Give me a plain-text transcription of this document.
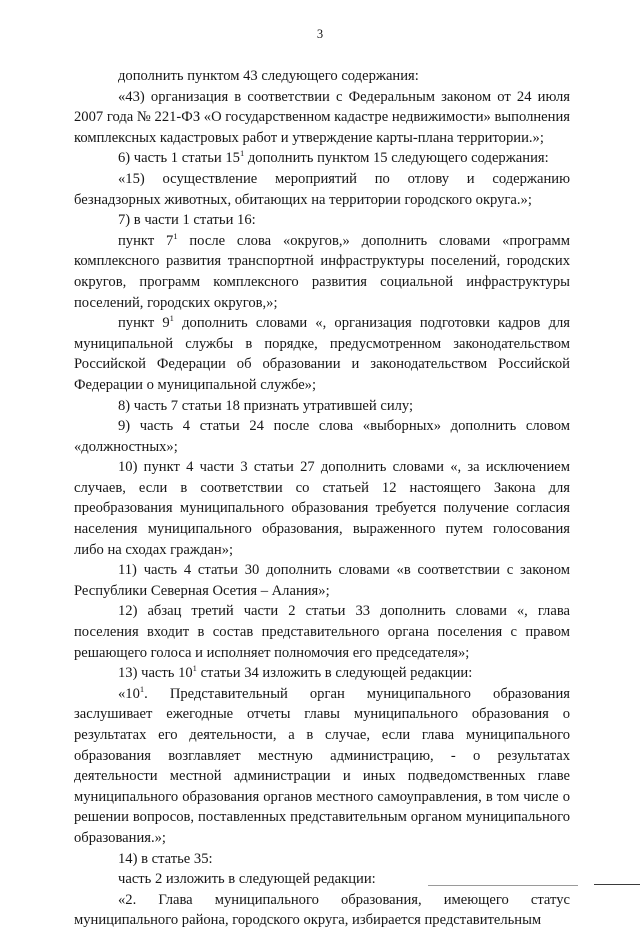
3

дополнить пунктом 43 следующего содержания:

«43) организация в соответствии с Федеральным законом от 24 июля 2007 года № 221-ФЗ «О государственном кадастре недвижимости» выполнения комплексных кадастровых работ и утверждение карты-плана территории.»;

6) часть 1 статьи $15^1$ дополнить пунктом 15 следующего содержания:

«15) осуществление мероприятий по отлову и содержанию безнадзорных животных, обитающих на территории городского округа.»;

7) в части 1 статьи 16:

пункт $7^1$ после слова «округов,» дополнить словами «программ комплексного развития транспортной инфраструктуры поселений, городских округов, программ комплексного развития социальной инфраструктуры поселений, городских округов,»;

пункт $9^1$ дополнить словами «, организация подготовки кадров для муниципальной службы в порядке, предусмотренном законодательством Российской Федерации об образовании и законодательством Российской Федерации о муниципальной службе»;

8) часть 7 статьи 18 признать утратившей силу;

9) часть 4 статьи 24 после слова «выборных» дополнить словом «должностных»;

10) пункт 4 части 3 статьи 27 дополнить словами «, за исключением случаев, если в соответствии со статьей 12 настоящего Закона для преобразования муниципального образования требуется получение согласия населения муниципального образования, выраженного путем голосования либо на сходах граждан»;

11) часть 4 статьи 30 дополнить словами «в соответствии с законом Республики Северная Осетия – Алания»;

12) абзац третий части 2 статьи 33 дополнить словами «, глава поселения входит в состав представительного органа поселения с правом решающего голоса и исполняет полномочия его председателя»;

13) часть $10^1$ статьи 34 изложить в следующей редакции:

«$10^1$. Представительный орган муниципального образования заслушивает ежегодные отчеты главы муниципального образования о результатах его деятельности, а в случае, если глава муниципального образования возглавляет местную администрацию, - о результатах деятельности местной администрации и иных подведомственных главе муниципального образования органов местного самоуправления, в том числе о решении вопросов, поставленных представительным органом муниципального образования.»;

14) в статье 35:

часть 2 изложить в следующей редакции:

«2. Глава муниципального образования, имеющего статус муниципального района, городского округа, избирается представительным
